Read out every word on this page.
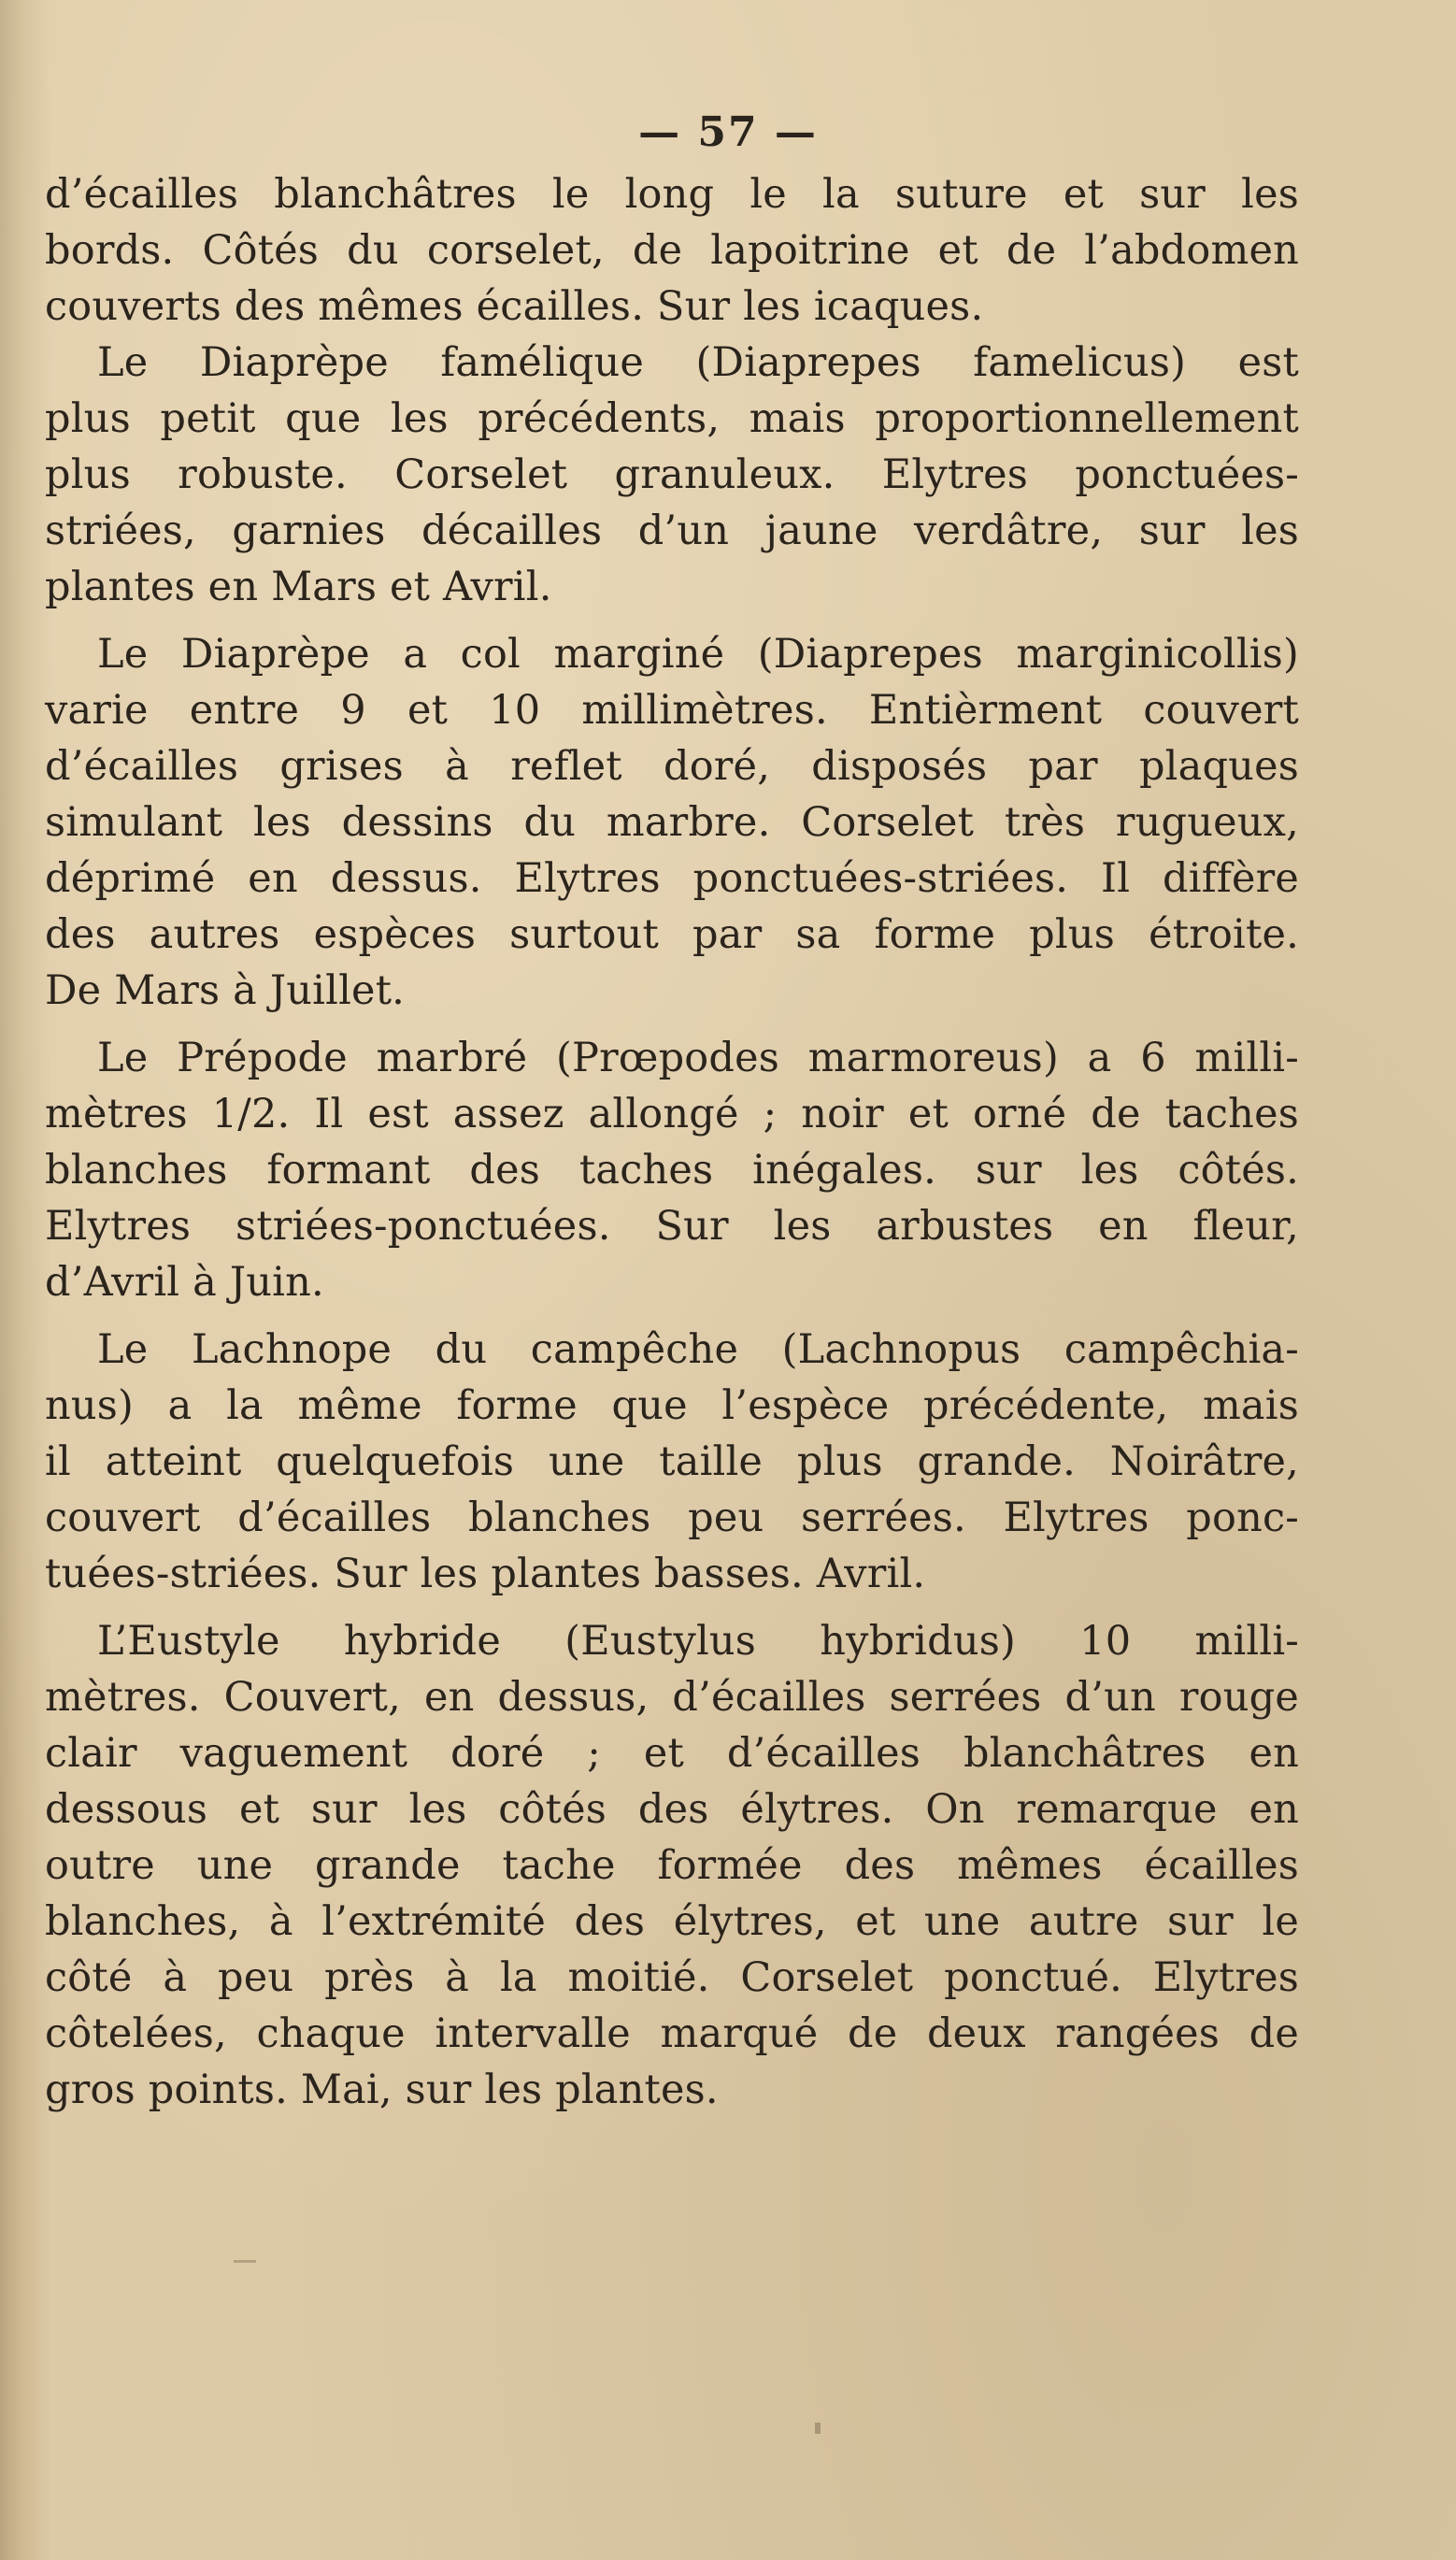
— 57 —
d’écailles blanchâtres le long le la suture et sur les
bords. Côtés du corselet, de lapoitrine et de l’abdomen
couverts des mêmes écailles. Sur les icaques.
Le Diaprèpe famélique (Diaprepes famelicus) est
plus petit que les précédents, mais proportionnellement
plus robuste. Corselet granuleux. Elytres ponctuées-
striées, garnies décailles d’un jaune verdâtre, sur les
plantes en Mars et Avril.
Le Diaprèpe a col marginé (Diaprepes marginicollis)
varie entre 9 et 10 millimètres. Entièrment couvert
d’écailles grises à reflet doré, disposés par plaques
simulant les dessins du marbre. Corselet très rugueux,
déprimé en dessus. Elytres ponctuées-striées. Il diffère
des autres espèces surtout par sa forme plus étroite.
De Mars à Juillet.
Le Prépode marbré (Prœpodes marmoreus) a 6 milli-
mètres 1/2. Il est assez allongé ; noir et orné de taches
blanches formant des taches inégales. sur les côtés.
Elytres striées-ponctuées. Sur les arbustes en fleur,
d’Avril à Juin.
Le Lachnope du campêche (Lachnopus campêchia-
nus) a la même forme que l’espèce précédente, mais
il atteint quelquefois une taille plus grande. Noirâtre,
couvert d’écailles blanches peu serrées. Elytres ponc-
tuées-striées. Sur les plantes basses. Avril.
L’Eustyle hybride (Eustylus hybridus) 10 milli-
mètres. Couvert, en dessus, d’écailles serrées d’un rouge
clair vaguement doré ; et d’écailles blanchâtres en
dessous et sur les côtés des élytres. On remarque en
outre une grande tache formée des mêmes écailles
blanches, à l’extrémité des élytres, et une autre sur le
côté à peu près à la moitié. Corselet ponctué. Elytres
côtelées, chaque intervalle marqué de deux rangées de
gros points. Mai, sur les plantes.
